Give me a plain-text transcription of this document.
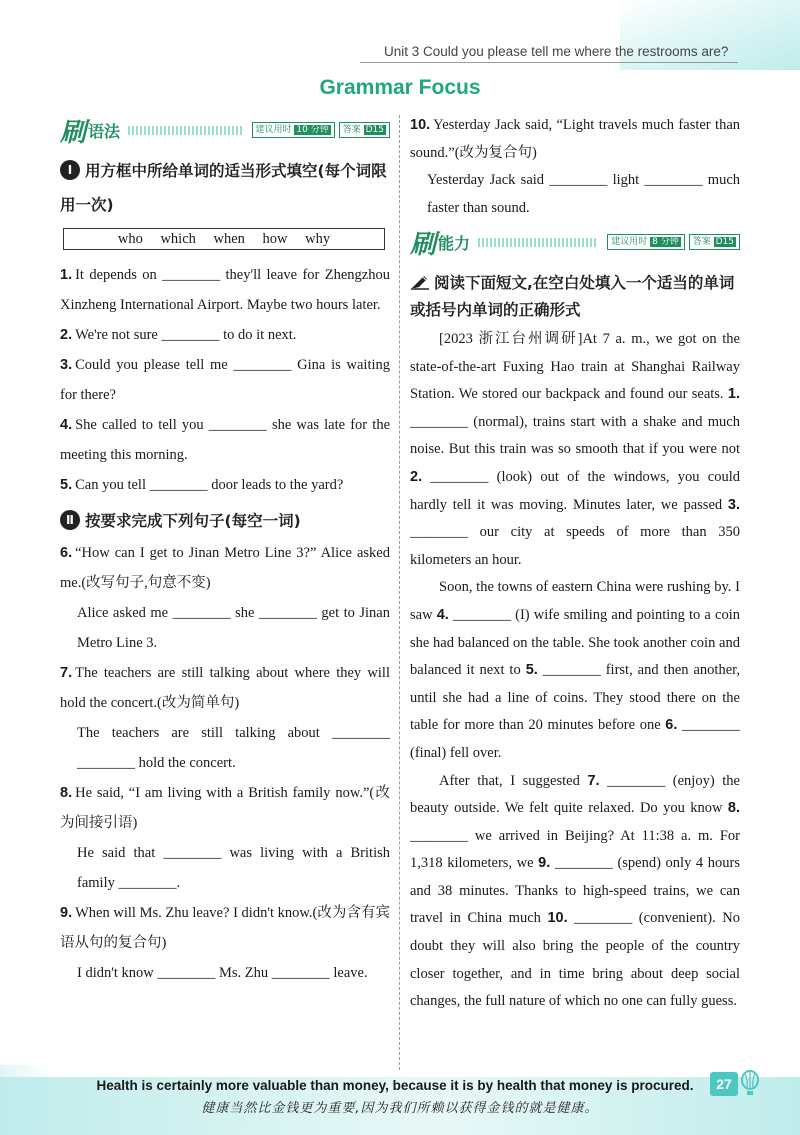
Unit 3 Could you please tell me where the restrooms are?
Grammar Focus
刷 语法	建议用时 10 分钟	答案 D15
Ⅰ 用方框中所给单词的适当形式填空(每个词限用一次)
who which when how why

1. It depends on ________ they'll leave for Zhengzhou Xinzheng International Airport. Maybe two hours later.

2. We're not sure ________ to do it next.

3. Could you please tell me ________ Gina is waiting for there?

4. She called to tell you ________ she was late for the meeting this morning.

5. Can you tell ________ door leads to the yard?

Ⅱ 按要求完成下列句子(每空一词)

6. “How can I get to Jinan Metro Line 3?” Alice asked me.(改写句子,句意不变)

Alice asked me ________ she ________ get to Jinan Metro Line 3.

7. The teachers are still talking about where they will hold the concert.(改为简单句)

The teachers are still talking about ________ ________ hold the concert.

8. He said, “I am living with a British family now.”(改为间接引语)

He said that ________ was living with a British family ________.

9. When will Ms. Zhu leave? I didn't know.(改为含有宾语从句的复合句)

I didn't know ________ Ms. Zhu ________ leave.

10. Yesterday Jack said, “Light travels much faster than sound.”(改为复合句)

Yesterday Jack said ________ light ________ much faster than sound.

刷 能力	建议用时 8 分钟	答案 D15
阅读下面短文,在空白处填入一个适当的单词或括号内单词的正确形式
[2023 浙江台州调研]At 7 a. m., we got on the state-of-the-art Fuxing Hao train at Shanghai Railway Station. We stored our backpack and found our seats. 1. ________ (normal), trains start with a shake and much noise. But this train was so smooth that if you were not 2. ________ (look) out of the windows, you could hardly tell it was moving. Minutes later, we passed 3. ________ our city at speeds of more than 350 kilometers an hour.
Soon, the towns of eastern China were rushing by. I saw 4. ________ (I) wife smiling and pointing to a coin she had balanced on the table. She took another coin and balanced it next to 5. ________ first, and then another, until she had a line of coins. They stood there on the table for more than 20 minutes before one 6. ________ (final) fell over.
After that, I suggested 7. ________ (enjoy) the beauty outside. We felt quite relaxed. Do you know 8. ________ we arrived in Beijing? At 11:38 a. m. For 1,318 kilometers, we 9. ________ (spend) only 4 hours and 38 minutes. Thanks to high-speed trains, we can travel in China much 10. ________ (convenient). No doubt they will also bring the people of the country closer together, and in time bring about deep social changes, the full nature of which no one can fully guess.
Health is certainly more valuable than money, because it is by health that money is procured.
健康当然比金钱更为重要,因为我们所赖以获得金钱的就是健康。
27
